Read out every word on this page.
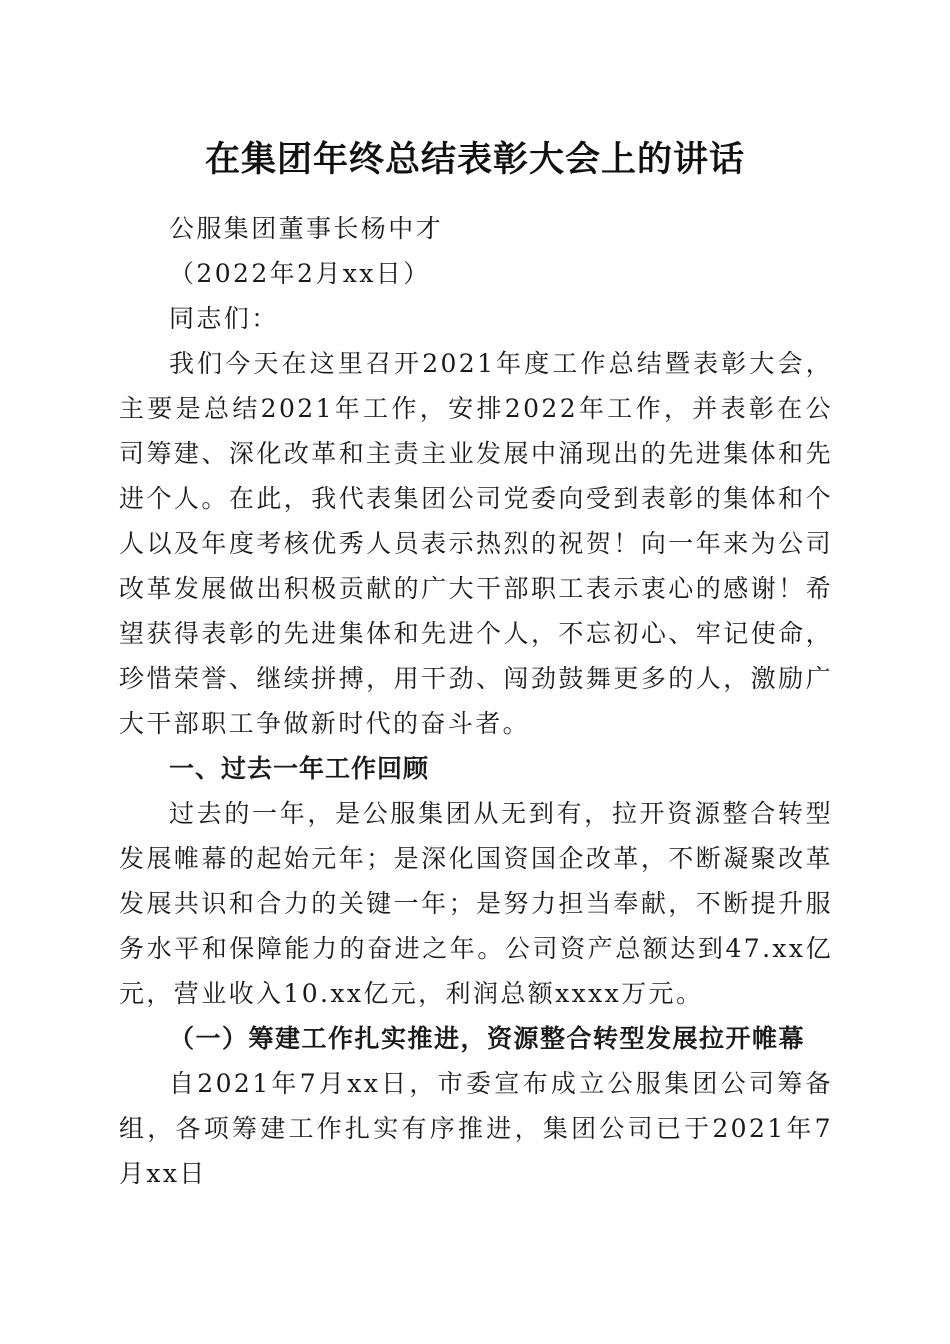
在集团年终总结表彰大会上的讲话
公服集团董事长杨中才
（2022年2月xx日）
同志们：

我们今天在这里召开2021年度工作总结暨表彰大会，主要是总结2021年工作，安排2022年工作，并表彰在公司筹建、深化改革和主责主业发展中涌现出的先进集体和先进个人。在此，我代表集团公司党委向受到表彰的集体和个人以及年度考核优秀人员表示热烈的祝贺！向一年来为公司改革发展做出积极贡献的广大干部职工表示衷心的感谢！希望获得表彰的先进集体和先进个人，不忘初心、牢记使命，珍惜荣誉、继续拼搏，用干劲、闯劲鼓舞更多的人，激励广大干部职工争做新时代的奋斗者。

一、过去一年工作回顾

过去的一年，是公服集团从无到有，拉开资源整合转型发展帷幕的起始元年；是深化国资国企改革，不断凝聚改革发展共识和合力的关键一年；是努力担当奉献，不断提升服务水平和保障能力的奋进之年。公司资产总额达到47.xx亿元，营业收入10.xx亿元，利润总额xxxx万元。

（一）筹建工作扎实推进，资源整合转型发展拉开帷幕

自2021年7月xx日，市委宣布成立公服集团公司筹备组，各项筹建工作扎实有序推进，集团公司已于2021年7月xx日
